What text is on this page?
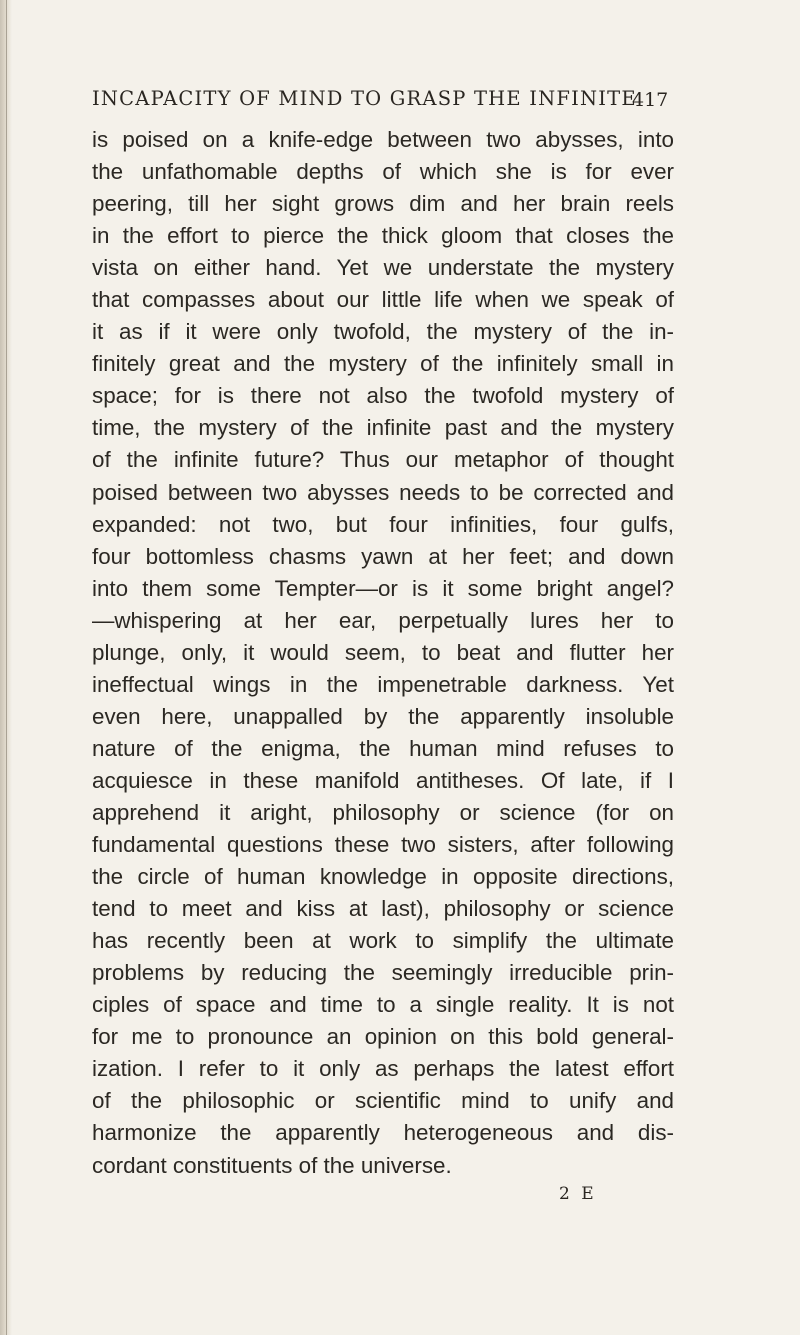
INCAPACITY OF MIND TO GRASP THE INFINITE
417
is poised on a knife-edge between two abysses, into
the unfathomable depths of which she is for ever
peering, till her sight grows dim and her brain reels
in the effort to pierce the thick gloom that closes the
vista on either hand. Yet we understate the mystery
that compasses about our little life when we speak of
it as if it were only twofold, the mystery of the in-
finitely great and the mystery of the infinitely small in
space; for is there not also the twofold mystery of
time, the mystery of the infinite past and the mystery
of the infinite future? Thus our metaphor of thought
poised between two abysses needs to be corrected and
expanded: not two, but four infinities, four gulfs,
four bottomless chasms yawn at her feet; and down
into them some Tempter—or is it some bright angel?
—whispering at her ear, perpetually lures her to
plunge, only, it would seem, to beat and flutter her
ineffectual wings in the impenetrable darkness. Yet
even here, unappalled by the apparently insoluble
nature of the enigma, the human mind refuses to
acquiesce in these manifold antitheses. Of late, if I
apprehend it aright, philosophy or science (for on
fundamental questions these two sisters, after following
the circle of human knowledge in opposite directions,
tend to meet and kiss at last), philosophy or science
has recently been at work to simplify the ultimate
problems by reducing the seemingly irreducible prin-
ciples of space and time to a single reality. It is not
for me to pronounce an opinion on this bold general-
ization. I refer to it only as perhaps the latest effort
of the philosophic or scientific mind to unify and
harmonize the apparently heterogeneous and dis-
cordant constituents of the universe.
2 E
